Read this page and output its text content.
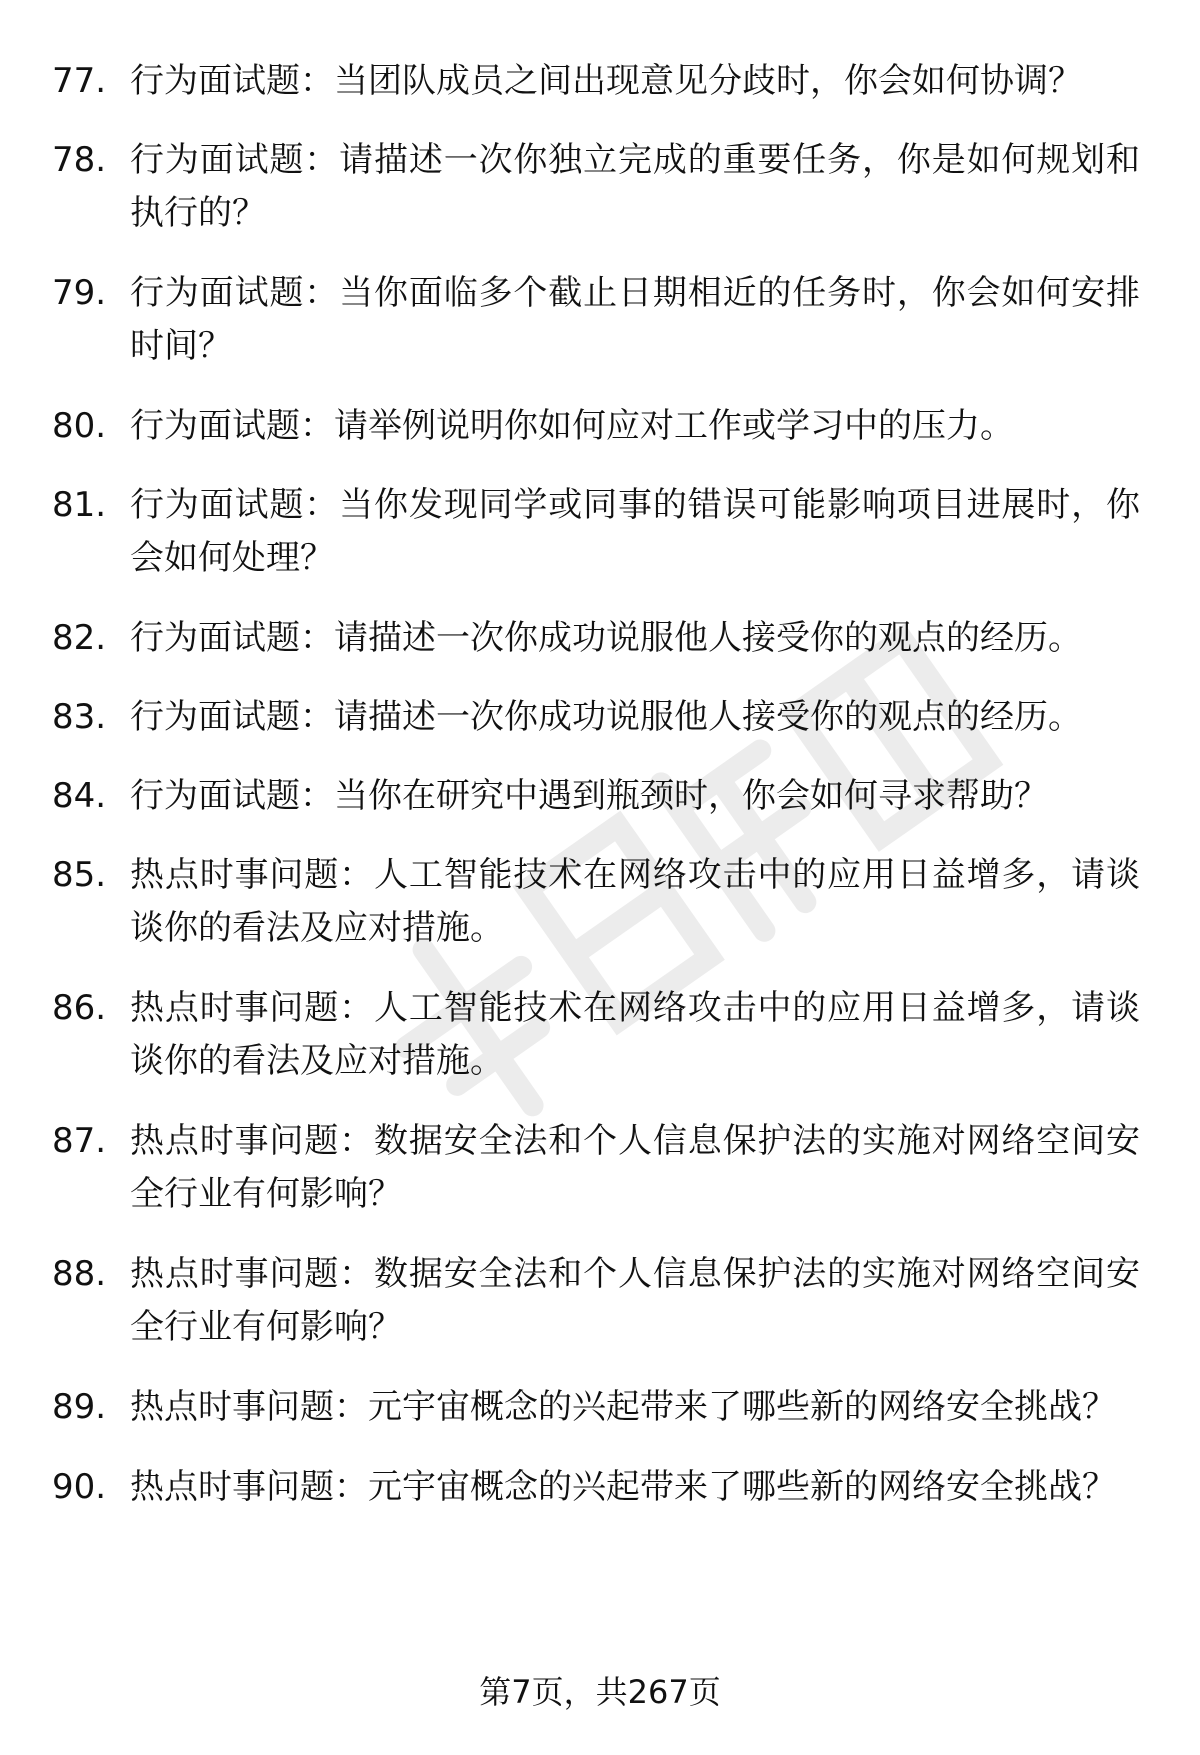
77. 行为面试题：当团队成员之间出现意见分歧时，你会如何协调？
78. 行为面试题：请描述一次你独立完成的重要任务，你是如何规划和执行的？
79. 行为面试题：当你面临多个截止日期相近的任务时，你会如何安排时间？
80. 行为面试题：请举例说明你如何应对工作或学习中的压力。
81. 行为面试题：当你发现同学或同事的错误可能影响项目进展时，你会如何处理？
82. 行为面试题：请描述一次你成功说服他人接受你的观点的经历。
83. 行为面试题：请描述一次你成功说服他人接受你的观点的经历。
84. 行为面试题：当你在研究中遇到瓶颈时，你会如何寻求帮助？
85. 热点时事问题：人工智能技术在网络攻击中的应用日益增多，请谈谈你的看法及应对措施。
86. 热点时事问题：人工智能技术在网络攻击中的应用日益增多，请谈谈你的看法及应对措施。
87. 热点时事问题：数据安全法和个人信息保护法的实施对网络空间安全行业有何影响？
88. 热点时事问题：数据安全法和个人信息保护法的实施对网络空间安全行业有何影响？
89. 热点时事问题：元宇宙概念的兴起带来了哪些新的网络安全挑战？
90. 热点时事问题：元宇宙概念的兴起带来了哪些新的网络安全挑战？
第7页，共267页
